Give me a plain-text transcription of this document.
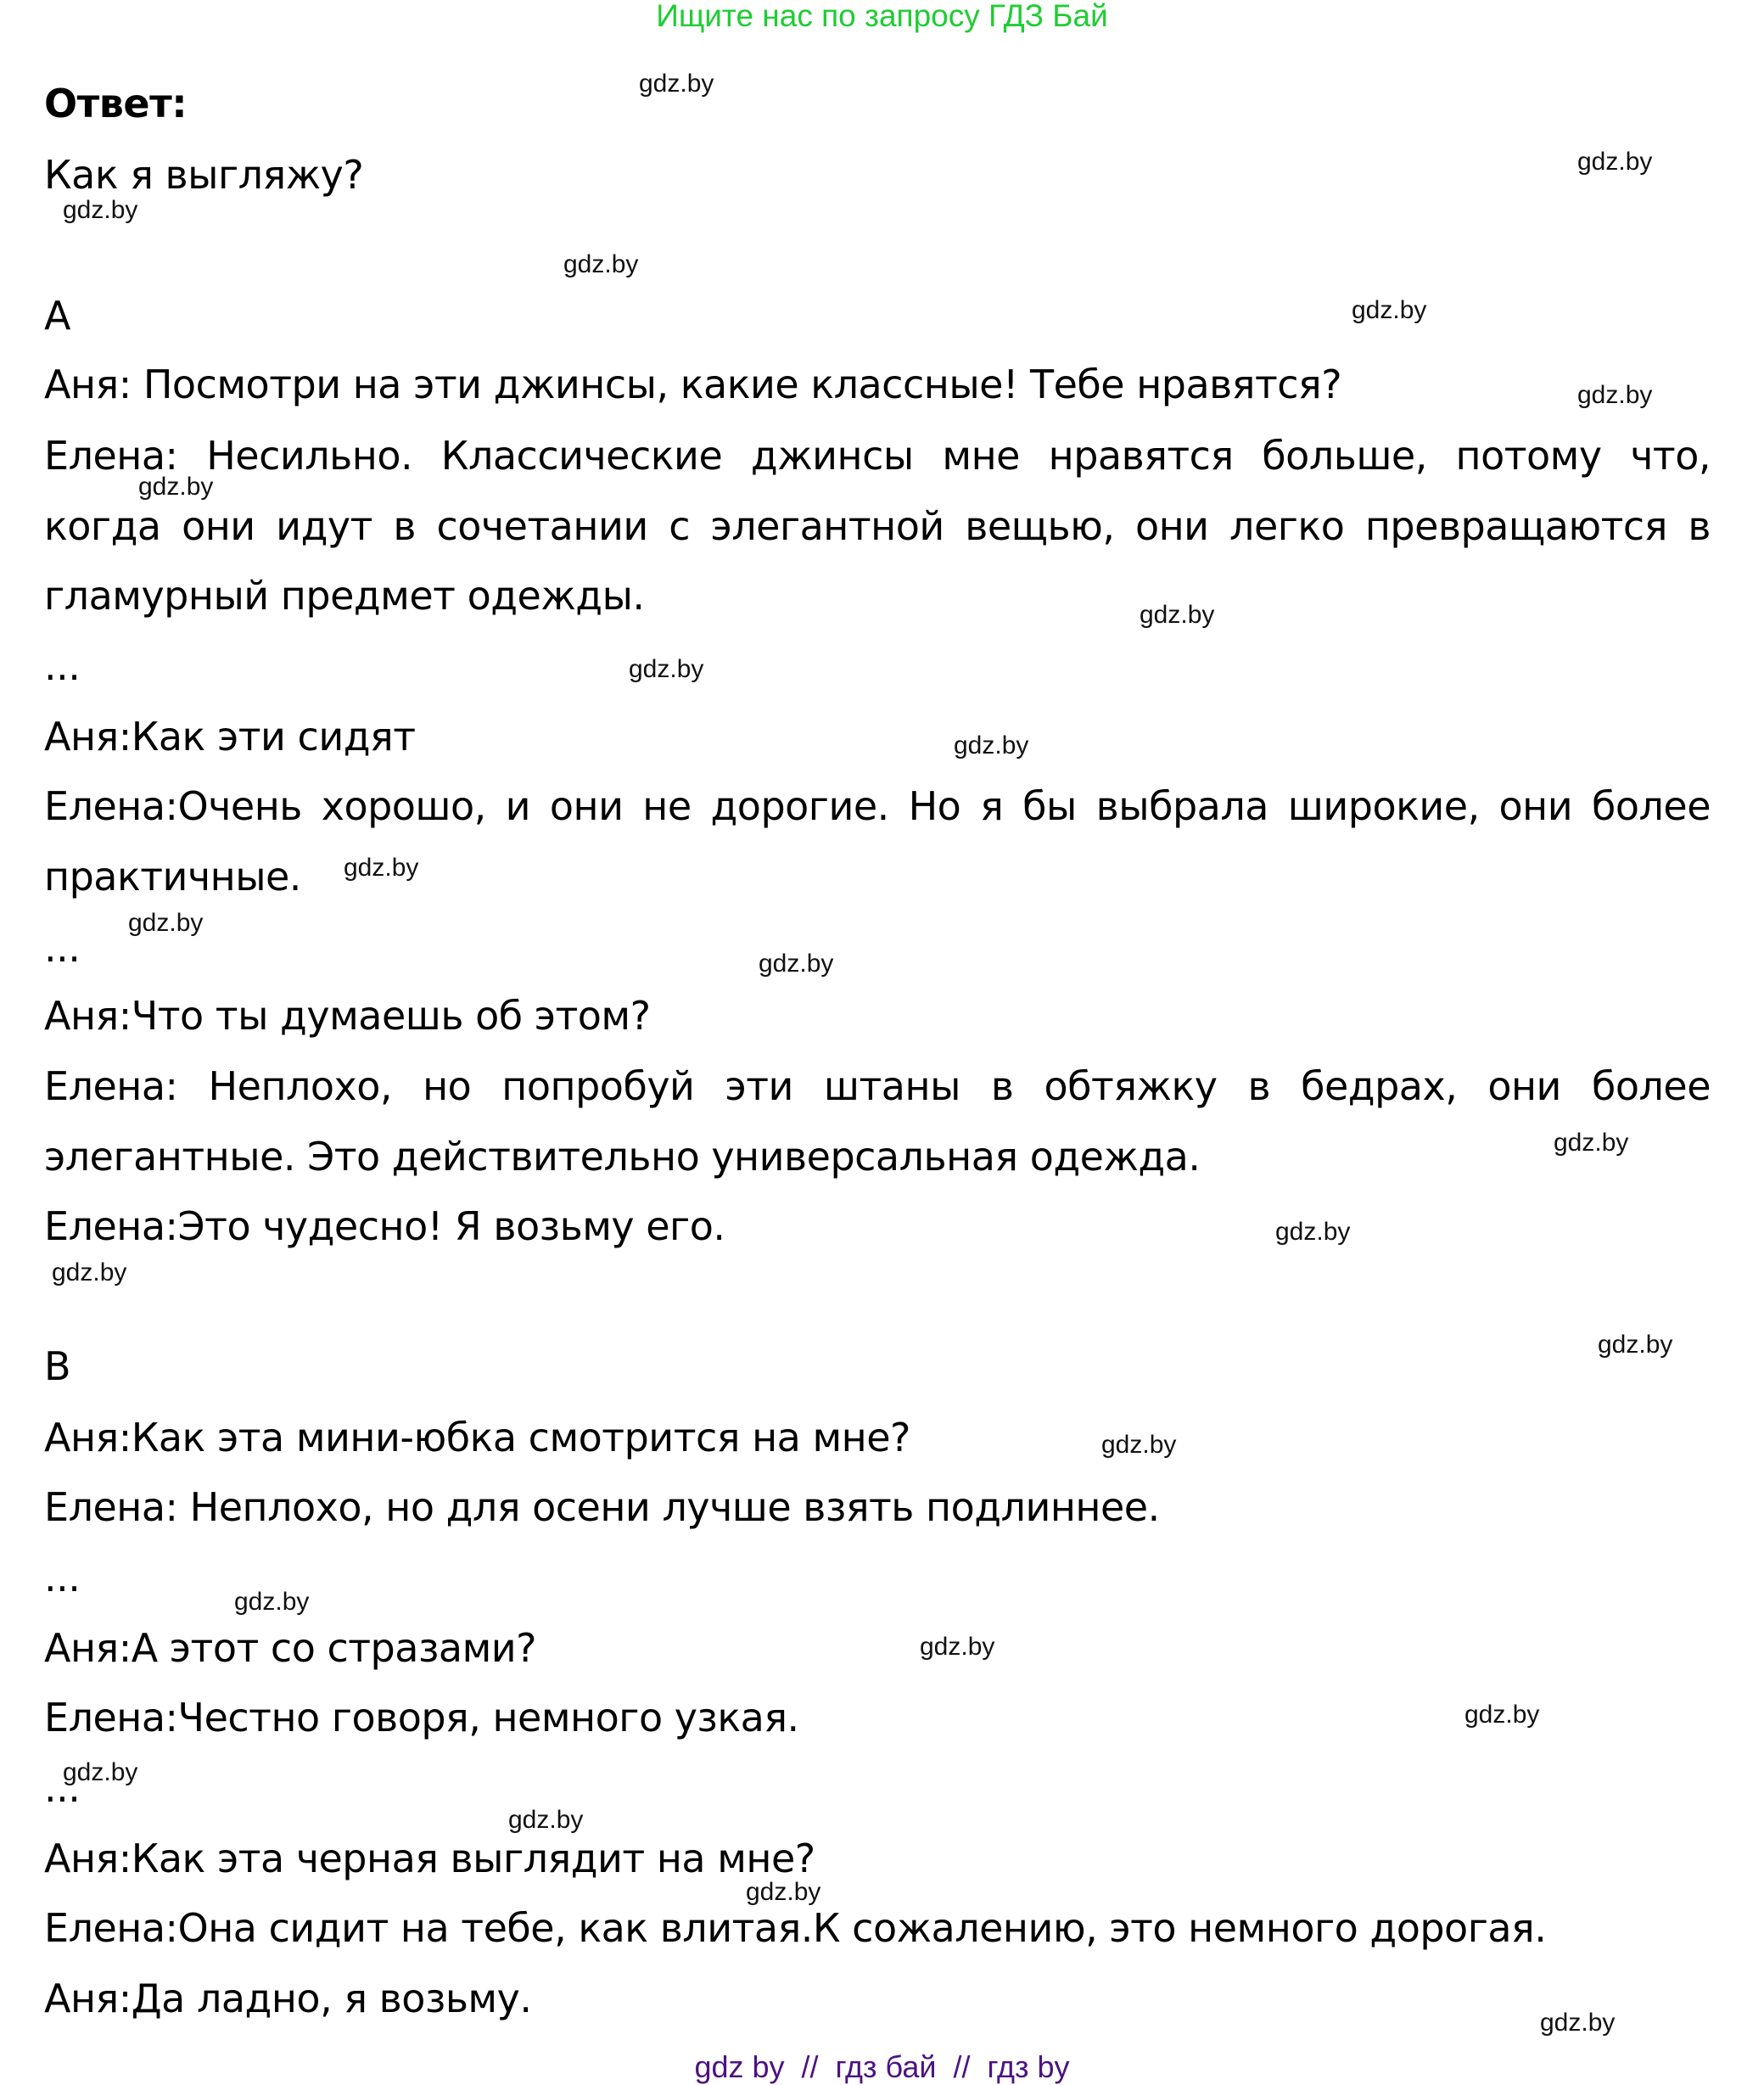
Ищите нас по запросу ГДЗ Бай
Ответ:
Как я выгляжу?
A
Аня: Посмотри на эти джинсы, какие классные! Тебе нравятся?
Елена: Несильно. Классические джинсы мне нравятся больше, потому что,
когда они идут в сочетании с элегантной вещью, они легко превращаются в
гламурный предмет одежды.
...
Аня:Как эти сидят
Елена:Очень хорошо, и они не дорогие. Но я бы выбрала широкие, они более
практичные.
...
Аня:Что ты думаешь об этом?
Елена: Неплохо, но попробуй эти штаны в обтяжку в бедрах, они более
элегантные. Это действительно универсальная одежда.
Елена:Это чудесно! Я возьму его.
B
Аня:Как эта мини-юбка смотрится на мне?
Елена: Неплохо, но для осени лучше взять подлиннее.
...
Аня:А этот со стразами?
Елена:Честно говоря, немного узкая.
...
Аня:Как эта черная выглядит на мне?
Елена:Она сидит на тебе, как влитая.К сожалению, это немного дорогая.
Аня:Да ладно, я возьму.
gdz.by
gdz.by
gdz.by
gdz.by
gdz.by
gdz.by
gdz.by
gdz.by
gdz.by
gdz.by
gdz.by
gdz.by
gdz.by
gdz.by
gdz.by
gdz.by
gdz.by
gdz.by
gdz.by
gdz.by
gdz.by
gdz.by
gdz.by
gdz.by
gdz.by
gdz by  //  гдз бай  //  гдз by
